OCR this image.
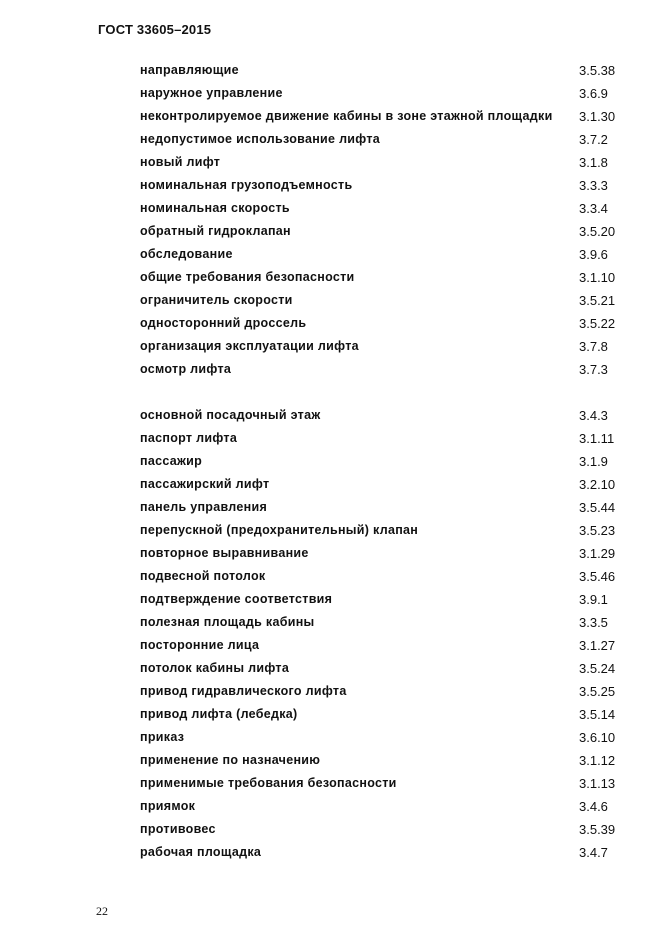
ГОСТ 33605–2015
направляющие	3.5.38
наружное управление	3.6.9
неконтролируемое движение кабины в зоне этажной площадки 3.1.30
недопустимое использование лифта	3.7.2
новый лифт	3.1.8
номинальная грузоподъемность	3.3.3
номинальная скорость	3.3.4
обратный гидроклапан	3.5.20
обследование	3.9.6
общие требования безопасности	3.1.10
ограничитель скорости	3.5.21
односторонний дроссель	3.5.22
организация эксплуатации лифта	3.7.8
осмотр лифта	3.7.3
основной посадочный этаж	3.4.3
паспорт лифта	3.1.11
пассажир	3.1.9
пассажирский лифт	3.2.10
панель управления	3.5.44
перепускной (предохранительный) клапан	3.5.23
повторное выравнивание	3.1.29
подвесной потолок	3.5.46
подтверждение соответствия	3.9.1
полезная площадь кабины	3.3.5
посторонние лица	3.1.27
потолок кабины лифта	3.5.24
привод гидравлического лифта	3.5.25
привод лифта (лебедка)	3.5.14
приказ	3.6.10
применение по назначению	3.1.12
применимые требования безопасности	3.1.13
приямок	3.4.6
противовес	3.5.39
рабочая площадка	3.4.7
22
